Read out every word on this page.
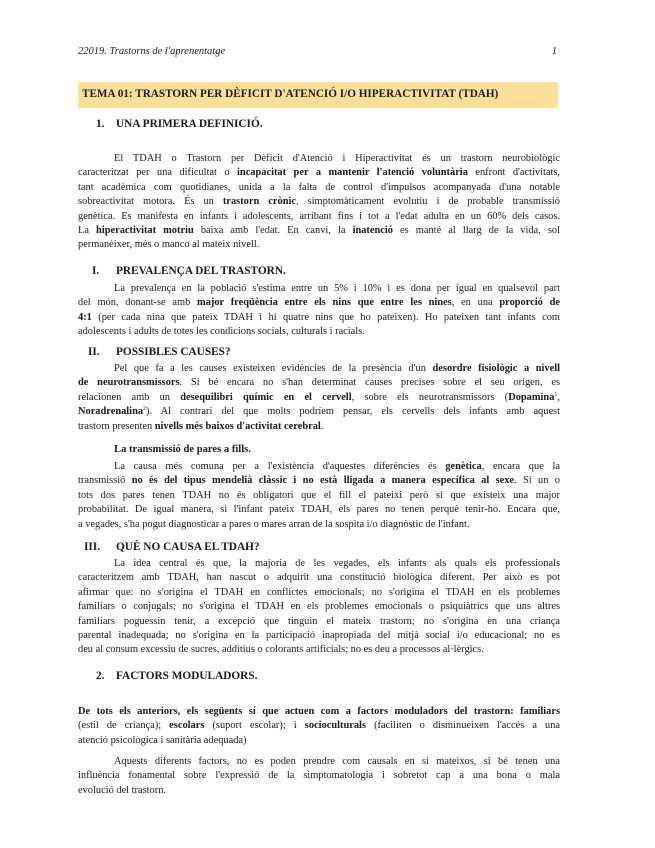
22019. Trastorns de l'aprenentatge	1
TEMA 01: TRASTORN PER DÈFICIT D'ATENCIÓ I/O HIPERACTIVITAT (TDAH)
1. UNA PRIMERA DEFINICIÓ.
El TDAH o Trastorn per Dèficit d'Atenció i Hiperactivitat és un trastorn neurobiològic
caracteritzat per una dificultat o incapacitat per a mantenir l'atenció voluntària enfront d'activitats,
tant acadèmica com quotidianes, unida a la falta de control d'impulsos acompanyada d'una notable
sobreactivitat motora. És un trastorn crònic, simptomàticament evolutiu i de probable transmissió
genètica. Es manifesta en infants i adolescents, arribant fins i tot a l'edat adulta en un 60% dels casos.
La hiperactivitat motriu baixa amb l'edat. En canvi, la inatenció es manté al llarg de la vida, sol
permanèixer, més o manco al mateix nivell.
I. PREVALENÇA DEL TRASTORN.
La prevalença en la població s'estima entre un 5% i 10% i es dona per igual en qualsevol part
del món, donant-se amb major freqüència entre els nins que entre les nines, en una proporció de
4:1 (per cada nina que pateix TDAH i hi quatre nins que ho pateixen). Ho pateixen tant infants com
adolescents i adults de totes les condicions socials, culturals i racials.
II. POSSIBLES CAUSES?
Pel que fa a les causes existeixen evidències de la presència d'un desordre fisiològic a nivell
de neurotransmissors. Si bé encara no s'han determinat causes precises sobre el seu origen, es
relacionen amb un desequilibri químic en el cervell, sobre els neurotransmissors (Dopamina$^1$,
Noradrenalina$^2$). Al contrari del que molts podríem pensar, els cervells dels infants amb aquest
trastorn presenten nivells més baixos d'activitat cerebral.
La transmissió de pares a fills.
La causa més comuna per a l'existència d'aquestes diferències és genètica, encara que la
transmissió no és del tipus mendelià clàssic i no està lligada a manera específica al sexe. Si un o
tots dos pares tenen TDAH no és obligatori que el fill el pateixi però sí que existeix una major
probabilitat. De igual manera, si l'infant pateix TDAH, els pares no tenen perquè tenir-ho. Encara que,
a vegades, s'ha pogut diagnosticar a pares o mares arran de la sospita i/o diagnòstic de l'infant.
III. QUÈ NO CAUSA EL TDAH?
La idea central és que, la majoria de les vegades, els infants als quals els professionals
caracteritzem amb TDAH, han nascut o adquirit una constitució biològica diferent. Per això es pot
afirmar que: no s'origina el TDAH en conflictes emocionals; no s'origina el TDAH en els problemes
familiars o conjugals; no s'origina el TDAH en els problemes emocionals o psiquiàtrics que uns altres
familiars poguessin tenir, a excepció que tinguin el mateix trastorn; no s'origina en una criança
parental inadequada; no s'origina en la participació inapropiada del mitjà social i/o educacional; no es
deu al consum excessiu de sucres, additius o colorants artificials; no es deu a processos al·lèrgics.
2. FACTORS MODULADORS.
De tots els anteriors, els següents sí que actuen com a factors moduladors del trastorn: familiars
(estil de criança); escolars (suport escolar); i socioculturals (faciliten o disminueixen l'accés a una
atenció psicològica i sanitària adequada)
Aquests diferents factors, no es poden prendre com causals en si mateixos, si bé tenen una
influència fonamental sobre l'expressió de la simptomatologia i sobretot cap a una bona o mala
evolució del trastorn.
